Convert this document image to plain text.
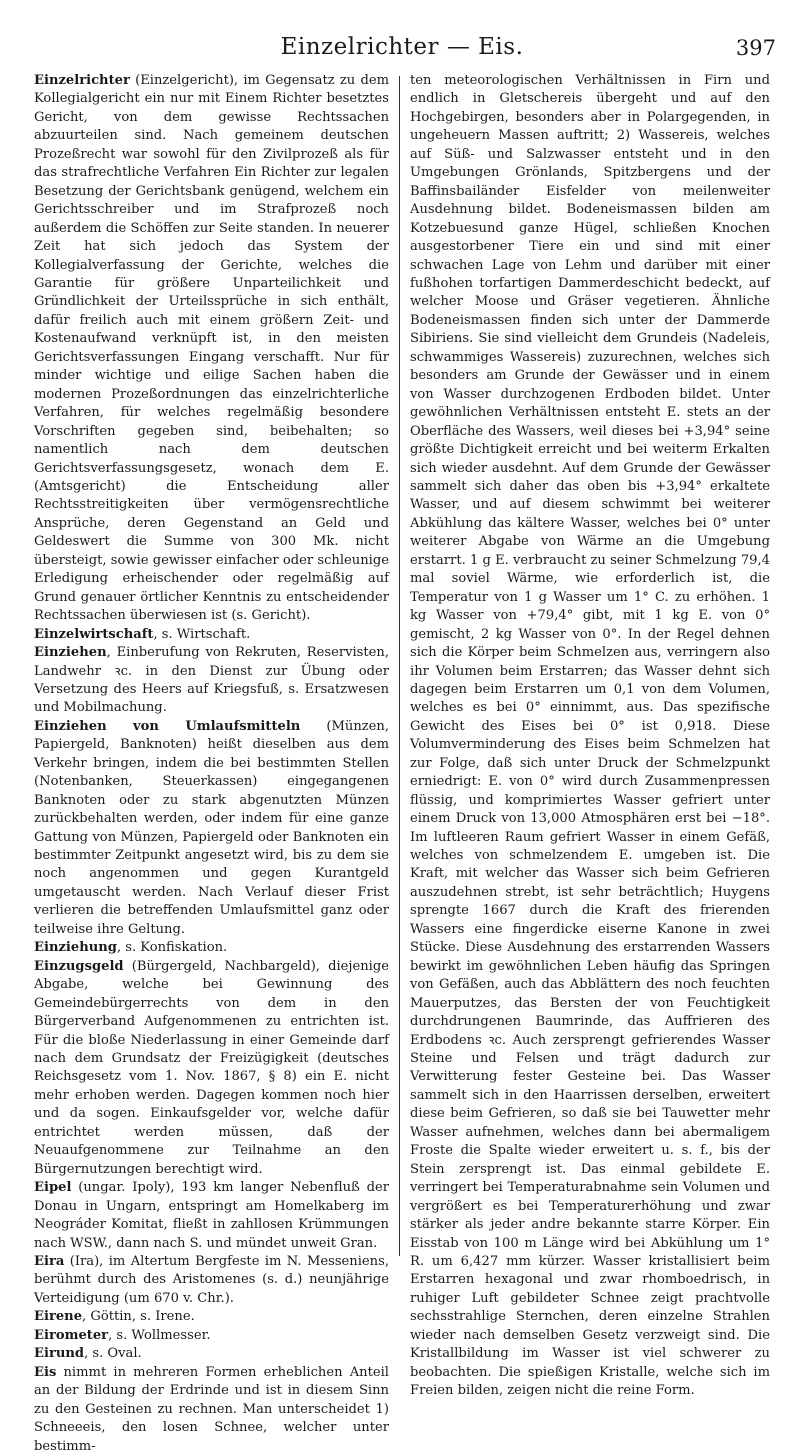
Einzelrichter — Eis.	397

Einzelrichter (Einzelgericht), im Gegensatz zu dem Kollegialgericht ein nur mit Einem Richter besetztes Gericht, von dem gewisse Rechtssachen abzuurteilen sind. Nach gemeinem deutschen Prozeßrecht war sowohl für den Zivilprozeß als für das strafrechtliche Verfahren Ein Richter zur legalen Besetzung der Gerichtsbank genügend, welchem ein Gerichtsschreiber und im Strafprozeß noch außerdem die Schöffen zur Seite standen. In neuerer Zeit hat sich jedoch das System der Kollegialverfassung der Gerichte, welches die Garantie für größere Unparteilichkeit und Gründlichkeit der Urteilssprüche in sich enthält, dafür freilich auch mit einem größern Zeit- und Kostenaufwand verknüpft ist, in den meisten Gerichtsverfassungen Eingang verschafft. Nur für minder wichtige und eilige Sachen haben die modernen Prozeßordnungen das einzelrichterliche Verfahren, für welches regelmäßig besondere Vorschriften gegeben sind, beibehalten; so namentlich nach dem deutschen Gerichtsverfassungsgesetz, wonach dem E. (Amtsgericht) die Entscheidung aller Rechtsstreitigkeiten über vermögensrechtliche Ansprüche, deren Gegenstand an Geld und Geldeswert die Summe von 300 Mk. nicht übersteigt, sowie gewisser einfacher oder schleunige Erledigung erheischender oder regelmäßig auf Grund genauer örtlicher Kenntnis zu entscheidender Rechtssachen überwiesen ist (s. Gericht).

Einzelwirtschaft, s. Wirtschaft.

Einziehen, Einberufung von Rekruten, Reservisten, Landwehr ꝛc. in den Dienst zur Übung oder Versetzung des Heers auf Kriegsfuß, s. Ersatzwesen und Mobilmachung.

Einziehen von Umlaufsmitteln (Münzen, Papiergeld, Banknoten) heißt dieselben aus dem Verkehr bringen, indem die bei bestimmten Stellen (Notenbanken, Steuerkassen) eingegangenen Banknoten oder zu stark abgenutzten Münzen zurückbehalten werden, oder indem für eine ganze Gattung von Münzen, Papiergeld oder Banknoten ein bestimmter Zeitpunkt angesetzt wird, bis zu dem sie noch angenommen und gegen Kurantgeld umgetauscht werden. Nach Verlauf dieser Frist verlieren die betreffenden Umlaufsmittel ganz oder teilweise ihre Geltung.

Einziehung, s. Konfiskation.

Einzugsgeld (Bürgergeld, Nachbargeld), diejenige Abgabe, welche bei Gewinnung des Gemeindebürgerrechts von dem in den Bürgerverband Aufgenommenen zu entrichten ist. Für die bloße Niederlassung in einer Gemeinde darf nach dem Grundsatz der Freizügigkeit (deutsches Reichsgesetz vom 1. Nov. 1867, § 8) ein E. nicht mehr erhoben werden. Dagegen kommen noch hier und da sogen. Einkaufsgelder vor, welche dafür entrichtet werden müssen, daß der Neuaufgenommene zur Teilnahme an den Bürgernutzungen berechtigt wird.

Eipel (ungar. Ipoly), 193 km langer Nebenfluß der Donau in Ungarn, entspringt am Homelkaberg im Neográder Komitat, fließt in zahllosen Krümmungen nach WSW., dann nach S. und mündet unweit Gran.

Eira (Ira), im Altertum Bergfeste im N. Messeniens, berühmt durch des Aristomenes (s. d.) neunjährige Verteidigung (um 670 v. Chr.).

Eirene, Göttin, s. Irene.

Eirometer, s. Wollmesser.

Eirund, s. Oval.

Eis nimmt in mehreren Formen erheblichen Anteil an der Bildung der Erdrinde und ist in diesem Sinn zu den Gesteinen zu rechnen. Man unterscheidet 1) Schneeeis, den losen Schnee, welcher unter bestimm-

ten meteorologischen Verhältnissen in Firn und endlich in Gletschereis übergeht und auf den Hochgebirgen, besonders aber in Polargegenden, in ungeheuern Massen auftritt; 2) Wassereis, welches auf Süß- und Salzwasser entsteht und in den Umgebungen Grönlands, Spitzbergens und der Baffinsbailänder Eisfelder von meilenweiter Ausdehnung bildet. Bodeneismassen bilden am Kotzebuesund ganze Hügel, schließen Knochen ausgestorbener Tiere ein und sind mit einer schwachen Lage von Lehm und darüber mit einer fußhohen torfartigen Dammerdeschicht bedeckt, auf welcher Moose und Gräser vegetieren. Ähnliche Bodeneismassen finden sich unter der Dammerde Sibiriens. Sie sind vielleicht dem Grundeis (Nadeleis, schwammiges Wassereis) zuzurechnen, welches sich besonders am Grunde der Gewässer und in einem von Wasser durchzogenen Erdboden bildet. Unter gewöhnlichen Verhältnissen entsteht E. stets an der Oberfläche des Wassers, weil dieses bei +3,94° seine größte Dichtigkeit erreicht und bei weiterm Erkalten sich wieder ausdehnt. Auf dem Grunde der Gewässer sammelt sich daher das oben bis +3,94° erkaltete Wasser, und auf diesem schwimmt bei weiterer Abkühlung das kältere Wasser, welches bei 0° unter weiterer Abgabe von Wärme an die Umgebung erstarrt. 1 g E. verbraucht zu seiner Schmelzung 79,4 mal soviel Wärme, wie erforderlich ist, die Temperatur von 1 g Wasser um 1° C. zu erhöhen. 1 kg Wasser von +79,4° gibt, mit 1 kg E. von 0° gemischt, 2 kg Wasser von 0°. In der Regel dehnen sich die Körper beim Schmelzen aus, verringern also ihr Volumen beim Erstarren; das Wasser dehnt sich dagegen beim Erstarren um 0,1 von dem Volumen, welches es bei 0° einnimmt, aus. Das spezifische Gewicht des Eises bei 0° ist 0,918. Diese Volumverminderung des Eises beim Schmelzen hat zur Folge, daß sich unter Druck der Schmelzpunkt erniedrigt: E. von 0° wird durch Zusammenpressen flüssig, und komprimiertes Wasser gefriert unter einem Druck von 13,000 Atmosphären erst bei −18°. Im luftleeren Raum gefriert Wasser in einem Gefäß, welches von schmelzendem E. umgeben ist. Die Kraft, mit welcher das Wasser sich beim Gefrieren auszudehnen strebt, ist sehr beträchtlich; Huygens sprengte 1667 durch die Kraft des frierenden Wassers eine fingerdicke eiserne Kanone in zwei Stücke. Diese Ausdehnung des erstarrenden Wassers bewirkt im gewöhnlichen Leben häufig das Springen von Gefäßen, auch das Abblättern des noch feuchten Mauerputzes, das Bersten der von Feuchtigkeit durchdrungenen Baumrinde, das Auffrieren des Erdbodens ꝛc. Auch zersprengt gefrierendes Wasser Steine und Felsen und trägt dadurch zur Verwitterung fester Gesteine bei. Das Wasser sammelt sich in den Haarrissen derselben, erweitert diese beim Gefrieren, so daß sie bei Tauwetter mehr Wasser aufnehmen, welches dann bei abermaligem Froste die Spalte wieder erweitert u. s. f., bis der Stein zersprengt ist. Das einmal gebildete E. verringert bei Temperaturabnahme sein Volumen und vergrößert es bei Temperaturerhöhung und zwar stärker als jeder andre bekannte starre Körper. Ein Eisstab von 100 m Länge wird bei Abkühlung um 1° R. um 6,427 mm kürzer. Wasser kristallisiert beim Erstarren hexagonal und zwar rhomboedrisch, in ruhiger Luft gebildeter Schnee zeigt prachtvolle sechsstrahlige Sternchen, deren einzelne Strahlen wieder nach demselben Gesetz verzweigt sind. Die Kristallbildung im Wasser ist viel schwerer zu beobachten. Die spießigen Kristalle, welche sich im Freien bilden, zeigen nicht die reine Form.
